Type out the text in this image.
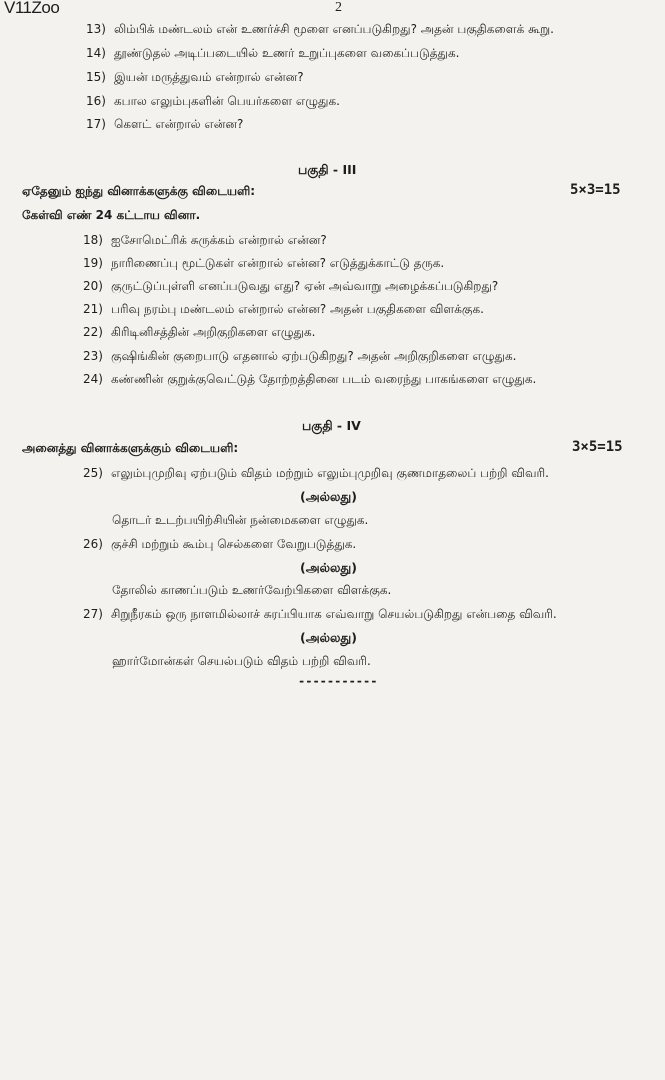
V11Zoo	2
13) லிம்பிக் மண்டலம் என் உணர்ச்சி மூளை எனப்படுகிறது? அதன் பகுதிகளைக் கூறு.
14) தூண்டுதல் அடிப்படையில் உணர் உறுப்புகளை வகைப்படுத்துக.
15) இயன் மருத்துவம் என்றால் என்ன?
16) கபால எலும்புகளின் பெயர்களை எழுதுக.
17) கௌட் என்றால் என்ன?
பகுதி - III
ஏதேனும் ஐந்து வினாக்களுக்கு விடையளி:	5×3=15
கேள்வி எண் 24 கட்டாய வினா.
18) ஐசோமெட்ரிக் சுருக்கம் என்றால் என்ன?
19) நாரிணைப்பு மூட்டுகள் என்றால் என்ன? எடுத்துக்காட்டு தருக.
20) குருட்டுப்புள்ளி எனப்படுவது எது? ஏன் அவ்வாறு அழைக்கப்படுகிறது?
21) பரிவு நரம்பு மண்டலம் என்றால் என்ன? அதன் பகுதிகளை விளக்குக.
22) கிரிடினிசத்தின் அறிகுறிகளை எழுதுக.
23) குஷிங்கின் குறைபாடு எதனால் ஏற்படுகிறது? அதன் அறிகுறிகளை எழுதுக.
24) கண்ணின் குறுக்குவெட்டுத் தோற்றத்தினை படம் வரைந்து பாகங்களை எழுதுக.
பகுதி - IV
அனைத்து வினாக்களுக்கும் விடையளி:	3×5=15
25) எலும்புமுறிவு ஏற்படும் விதம் மற்றும் எலும்புமுறிவு குணமாதலைப் பற்றி விவரி.
(அல்லது)
தொடர் உடற்பயிற்சியின் நன்மைகளை எழுதுக.
26) குச்சி மற்றும் கூம்பு செல்களை வேறுபடுத்துக.
(அல்லது)
தோலில் காணப்படும் உணர்வேற்பிகளை விளக்குக.
27) சிறுநீரகம் ஒரு நாளமில்லாச் சுரப்பியாக எவ்வாறு செயல்படுகிறது என்பதை விவரி.
(அல்லது)
ஹார்மோன்கள் செயல்படும் விதம் பற்றி விவரி.
-----------
